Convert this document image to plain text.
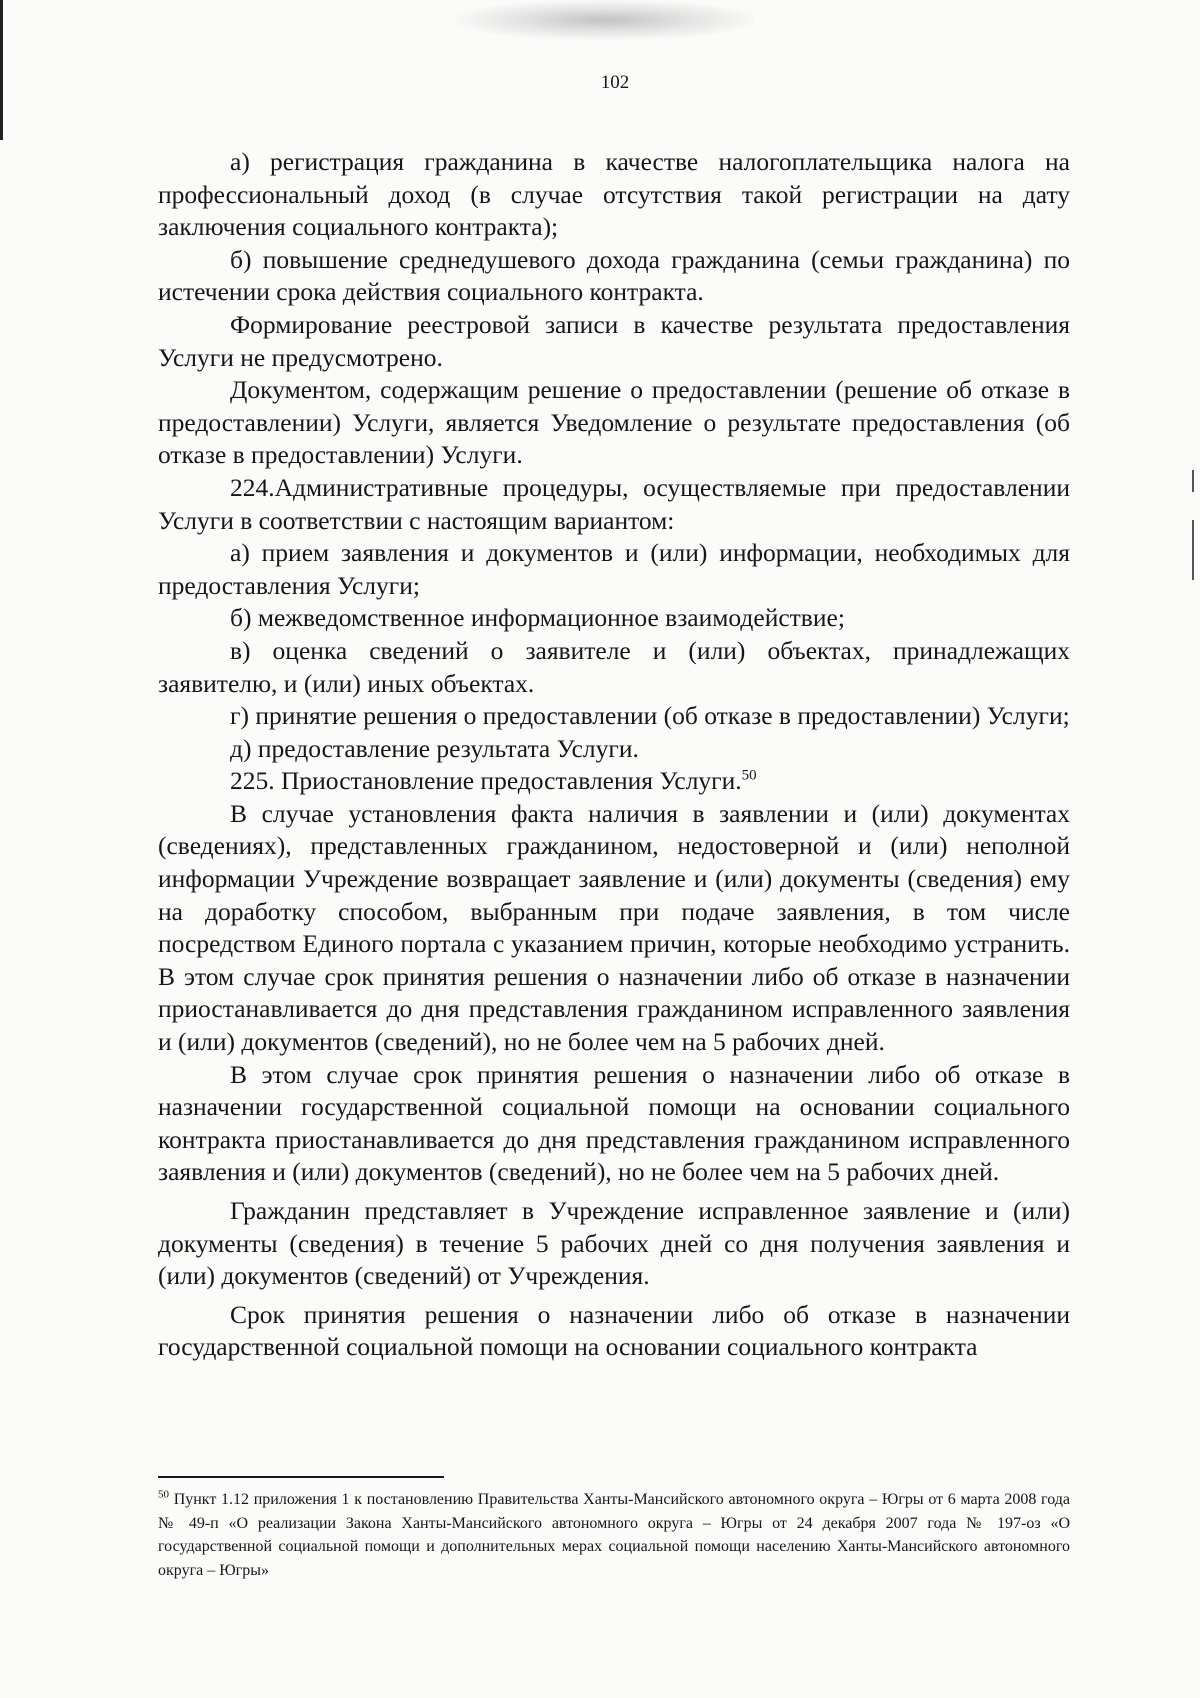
102

а) регистрация гражданина в качестве налогоплательщика налога на профессиональный доход (в случае отсутствия такой регистрации на дату заключения социального контракта);

б) повышение среднедушевого дохода гражданина (семьи гражданина) по истечении срока действия социального контракта.

Формирование реестровой записи в качестве результата предоставления Услуги не предусмотрено.

Документом, содержащим решение о предоставлении (решение об отказе в предоставлении) Услуги, является Уведомление о результате предоставления (об отказе в предоставлении) Услуги.

224.Административные процедуры, осуществляемые при предоставлении Услуги в соответствии с настоящим вариантом:

а) прием заявления и документов и (или) информации, необходимых для предоставления Услуги;

б) межведомственное информационное взаимодействие;

в) оценка сведений о заявителе и (или) объектах, принадлежащих заявителю, и (или) иных объектах.

г) принятие решения о предоставлении (об отказе в предоставлении) Услуги;

д) предоставление результата Услуги.

225. Приостановление предоставления Услуги.$^{50}$

В случае установления факта наличия в заявлении и (или) документах (сведениях), представленных гражданином, недостоверной и (или) неполной информации Учреждение возвращает заявление и (или) документы (сведения) ему на доработку способом, выбранным при подаче заявления, в том числе посредством Единого портала с указанием причин, которые необходимо устранить. В этом случае срок принятия решения о назначении либо об отказе в назначении приостанавливается до дня представления гражданином исправленного заявления и (или) документов (сведений), но не более чем на 5 рабочих дней.

В этом случае срок принятия решения о назначении либо об отказе в назначении государственной социальной помощи на основании социального контракта приостанавливается до дня представления гражданином исправленного заявления и (или) документов (сведений), но не более чем на 5 рабочих дней.

Гражданин представляет в Учреждение исправленное заявление и (или) документы (сведения) в течение 5 рабочих дней со дня получения заявления и (или) документов (сведений) от Учреждения.

Срок принятия решения о назначении либо об отказе в назначении государственной социальной помощи на основании социального контракта

$^{50}$ Пункт 1.12 приложения 1 к постановлению Правительства Ханты-Мансийского автономного округа – Югры от 6 марта 2008 года № 49-п «О реализации Закона Ханты-Мансийского автономного округа – Югры от 24 декабря 2007 года № 197-оз «О государственной социальной помощи и дополнительных мерах социальной помощи населению Ханты-Мансийского автономного округа – Югры»
